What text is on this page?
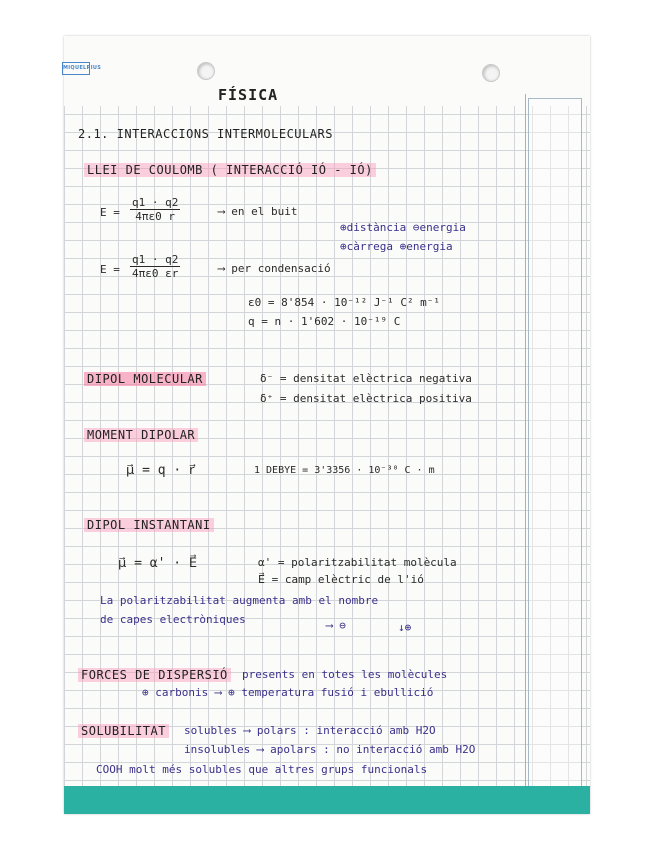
MIQUELRIUS
FÍSICA
2.1. INTERACCIONS INTERMOLECULARS
LLEI DE COULOMB ( INTERACCIÓ IÓ - IÓ)
$E = \frac{q1 \cdot q2}{4\pi\varepsilon 0 r}$	⟶ en el buit
⊕distància ⊖energia
⊕càrrega ⊕energia
$E = \frac{q1 \cdot q2}{4\pi\varepsilon 0 \varepsilon r}$	⟶ per condensació
ε0 = 8'854 · 10⁻¹² J⁻¹ C² m⁻¹
q = n · 1'602 · 10⁻¹⁹ C
DIPOL MOLECULAR	δ⁻ = densitat elèctrica negativa
δ⁺ = densitat elèctrica positiva
MOMENT DIPOLAR
μ⃗ = q · r⃗	1 DEBYE = 3'3356 · 10⁻³⁰ C · m
DIPOL INSTANTANI
μ⃗ = α' · E⃗	α' = polaritzabilitat molècula
E⃗ = camp elèctric de l'ió
La polaritzabilitat augmenta amb el nombre
de capes electròniques	⟶ ⊖	↓⊕
FORCES DE DISPERSIÓ presents en totes les molècules
⊕ carbonis ⟶ ⊕ temperatura fusió i ebullició
SOLUBILITAT solubles ⟶ polars : interacció amb H2O
insolubles ⟶ apolars : no interacció amb H2O
COOH molt més solubles que altres grups funcionals
